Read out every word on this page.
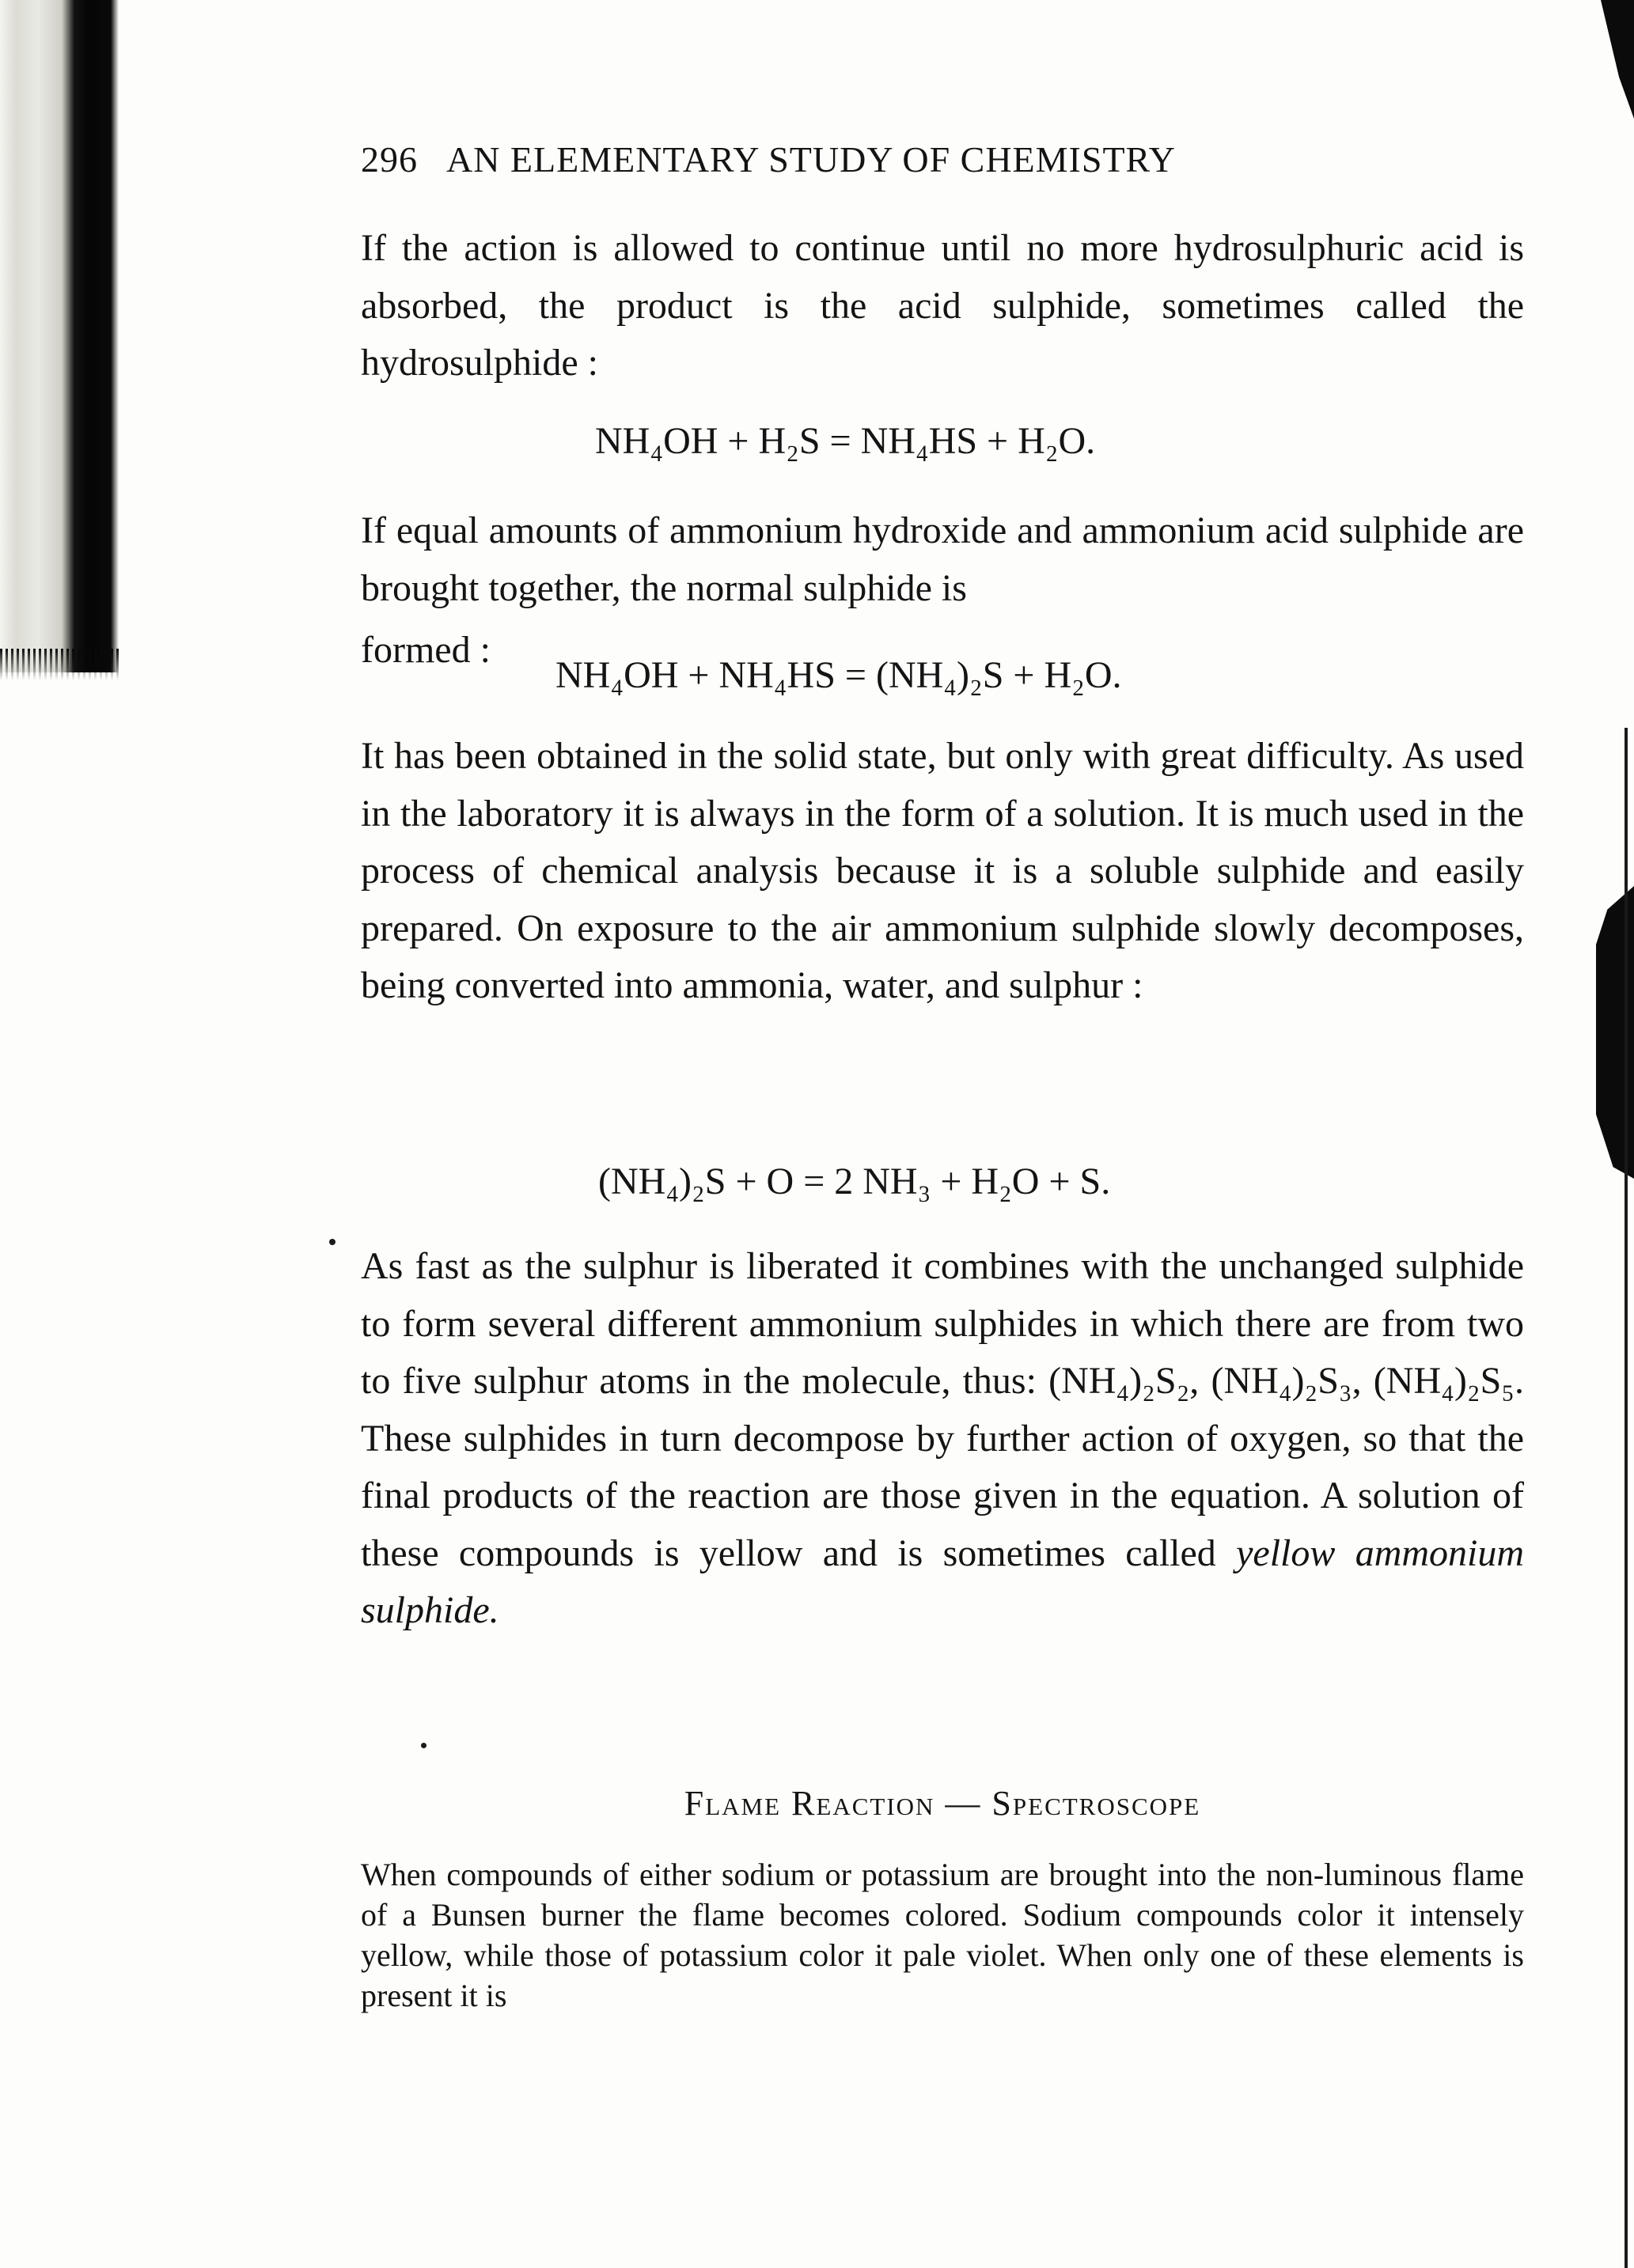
296 AN ELEMENTARY STUDY OF CHEMISTRY
If the action is allowed to continue until no more hydrosulphuric acid is absorbed, the product is the acid sulphide, sometimes called the hydrosulphide :
NH₄OH + H₂S = NH₄HS + H₂O.
If equal amounts of ammonium hydroxide and ammonium acid sulphide are brought together, the normal sulphide is
formed :
NH₄OH + NH₄HS = (NH₄)₂S + H₂O.
It has been obtained in the solid state, but only with great difficulty. As used in the laboratory it is always in the form of a solution. It is much used in the process of chemical analysis because it is a soluble sulphide and easily prepared. On exposure to the air ammonium sulphide slowly decomposes, being converted into ammonia, water, and sulphur :
(NH₄)₂S + O = 2 NH₃ + H₂O + S.
As fast as the sulphur is liberated it combines with the unchanged sulphide to form several different ammonium sulphides in which there are from two to five sulphur atoms in the molecule, thus: (NH₄)₂S₂, (NH₄)₂S₃, (NH₄)₂S₅. These sulphides in turn decompose by further action of oxygen, so that the final products of the reaction are those given in the equation. A solution of these compounds is yellow and is sometimes called yellow ammonium sulphide.
Flame Reaction — Spectroscope
When compounds of either sodium or potassium are brought into the non-luminous flame of a Bunsen burner the flame becomes colored. Sodium compounds color it intensely yellow, while those of potassium color it pale violet. When only one of these elements is present it is
